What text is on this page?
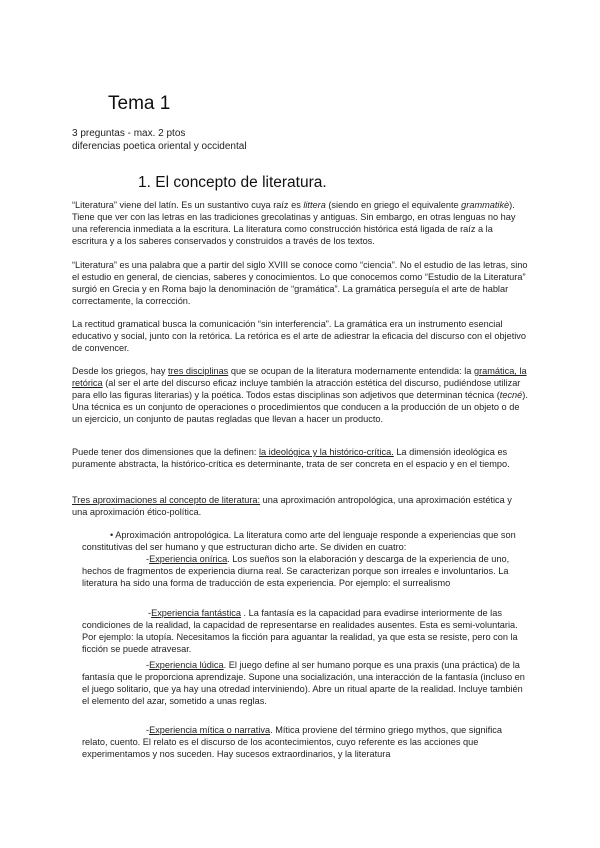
Tema 1
3 preguntas - max. 2 ptos
diferencias poetica oriental y occidental
1. El concepto de literatura.
“Literatura” viene del latín. Es un sustantivo cuya raíz es littera (siendo en griego el equivalente grammatikè). Tiene que ver con las letras en las tradiciones grecolatinas y antiguas. Sin embargo, en otras lenguas no hay una referencia inmediata a la escritura. La literatura como construcción histórica está ligada de raíz a la escritura y a los saberes conservados y construidos a través de los textos.
“Literatura” es una palabra que a partir del siglo XVIII se conoce como “ciencia”. No el estudio de las letras, sino el estudio en general, de ciencias, saberes y conocimientos. Lo que conocemos como “Estudio de la Literatura” surgió en Grecia y en Roma bajo la denominación de “gramática”. La gramática perseguía el arte de hablar correctamente, la corrección.
La rectitud gramatical busca la comunicación “sin interferencia”. La gramática era un instrumento esencial educativo y social, junto con la retórica. La retórica es el arte de adiestrar la eficacia del discurso con el objetivo de convencer.
Desde los griegos, hay tres disciplinas que se ocupan de la literatura modernamente entendida: la gramática, la retórica (al ser el arte del discurso eficaz incluye también la atracción estética del discurso, pudiéndose utilizar para ello las figuras literarias) y la poética. Todos estas disciplinas son adjetivos que determinan técnica (tecné). Una técnica es un conjunto de operaciones o procedimientos que conducen a la producción de un objeto o de un ejercicio, un conjunto de pautas regladas que llevan a hacer un producto.
Puede tener dos dimensiones que la definen: la ideológica y la histórico-crítica. La dimensión ideológica es puramente abstracta, la histórico-crítica es determinante, trata de ser concreta en el espacio y en el tiempo.
Tres aproximaciones al concepto de literatura: una aproximación antropológica, una aproximación estética y una aproximación ético-política.
• Aproximación antropológica. La literatura como arte del lenguaje responde a experiencias que son constitutivas del ser humano y que estructuran dicho arte. Se dividen en cuatro:
-Experiencia onírica. Los sueños son la elaboración y descarga de la experiencia de uno, hechos de fragmentos de experiencia diurna real. Se caracterizan porque son irreales e involuntarios. La literatura ha sido una forma de traducción de esta experiencia. Por ejemplo: el surrealismo
-Experiencia fantástica . La fantasía es la capacidad para evadirse interiormente de las condiciones de la realidad, la capacidad de representarse en realidades ausentes. Esta es semi-voluntaria. Por ejemplo: la utopía. Necesitamos la ficción para aguantar la realidad, ya que esta se resiste, pero con la ficción se puede atravesar.
-Experiencia lúdica. El juego define al ser humano porque es una praxis (una práctica) de la fantasía que le proporciona aprendizaje. Supone una socialización, una interacción de la fantasía (incluso en el juego solitario, que ya hay una otredad interviniendo). Abre un ritual aparte de la realidad. Incluye también el elemento del azar, sometido a unas reglas.
-Experiencia mítica o narrativa. Mítica proviene del término griego mythos, que significa relato, cuento. El relato es el discurso de los acontecimientos, cuyo referente es las acciones que experimentamos y nos suceden. Hay sucesos extraordinarios, y la literatura
